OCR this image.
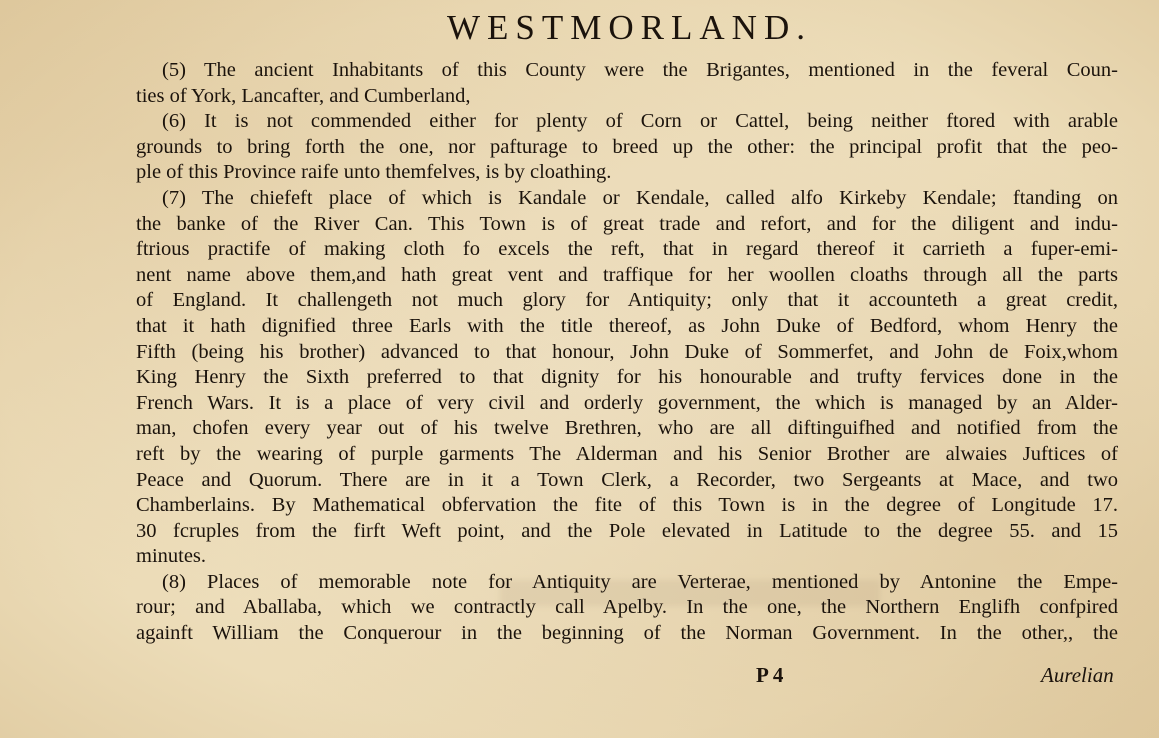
WESTMORLAND.
(5) The ancient Inhabitants of this County were the Brigantes, mentioned in the feveral Coun-
ties of York, Lancafter, and Cumberland,
(6) It is not commended either for plenty of Corn or Cattel, being neither ftored with arable
grounds to bring forth the one, nor pafturage to breed up the other: the principal profit that the peo-
ple of this Province raife unto themfelves, is by cloathing.
(7) The chiefeft place of which is Kandale or Kendale, called alfo Kirkeby Kendale; ftanding on
the banke of the River Can. This Town is of great trade and refort, and for the diligent and indu-
ftrious practife of making cloth fo excels the reft, that in regard thereof it carrieth a fuper-emi-
nent name above them,and hath great vent and traffique for her woollen cloaths through all the parts
of England. It challengeth not much glory for Antiquity; only that it accounteth a great credit,
that it hath dignified three Earls with the title thereof, as John Duke of Bedford, whom Henry the
Fifth (being his brother) advanced to that honour, John Duke of Sommerfet, and John de Foix,whom
King Henry the Sixth preferred to that dignity for his honourable and trufty fervices done in the
French Wars. It is a place of very civil and orderly government, the which is managed by an Alder-
man, chofen every year out of his twelve Brethren, who are all diftinguifhed and notified from the
reft by the wearing of purple garments The Alderman and his Senior Brother are alwaies Juftices of
Peace and Quorum. There are in it a Town Clerk, a Recorder, two Sergeants at Mace, and two
Chamberlains. By Mathematical obfervation the fite of this Town is in the degree of Longitude 17.
30 fcruples from the firft Weft point, and the Pole elevated in Latitude to the degree 55. and 15
minutes.
(8) Places of memorable note for Antiquity are Verterae, mentioned by Antonine the Empe-
rour; and Aballaba, which we contractly call Apelby. In the one, the Northern Englifh confpired
againft William the Conquerour in the beginning of the Norman Government. In the other,, the
P 4	Aurelian
